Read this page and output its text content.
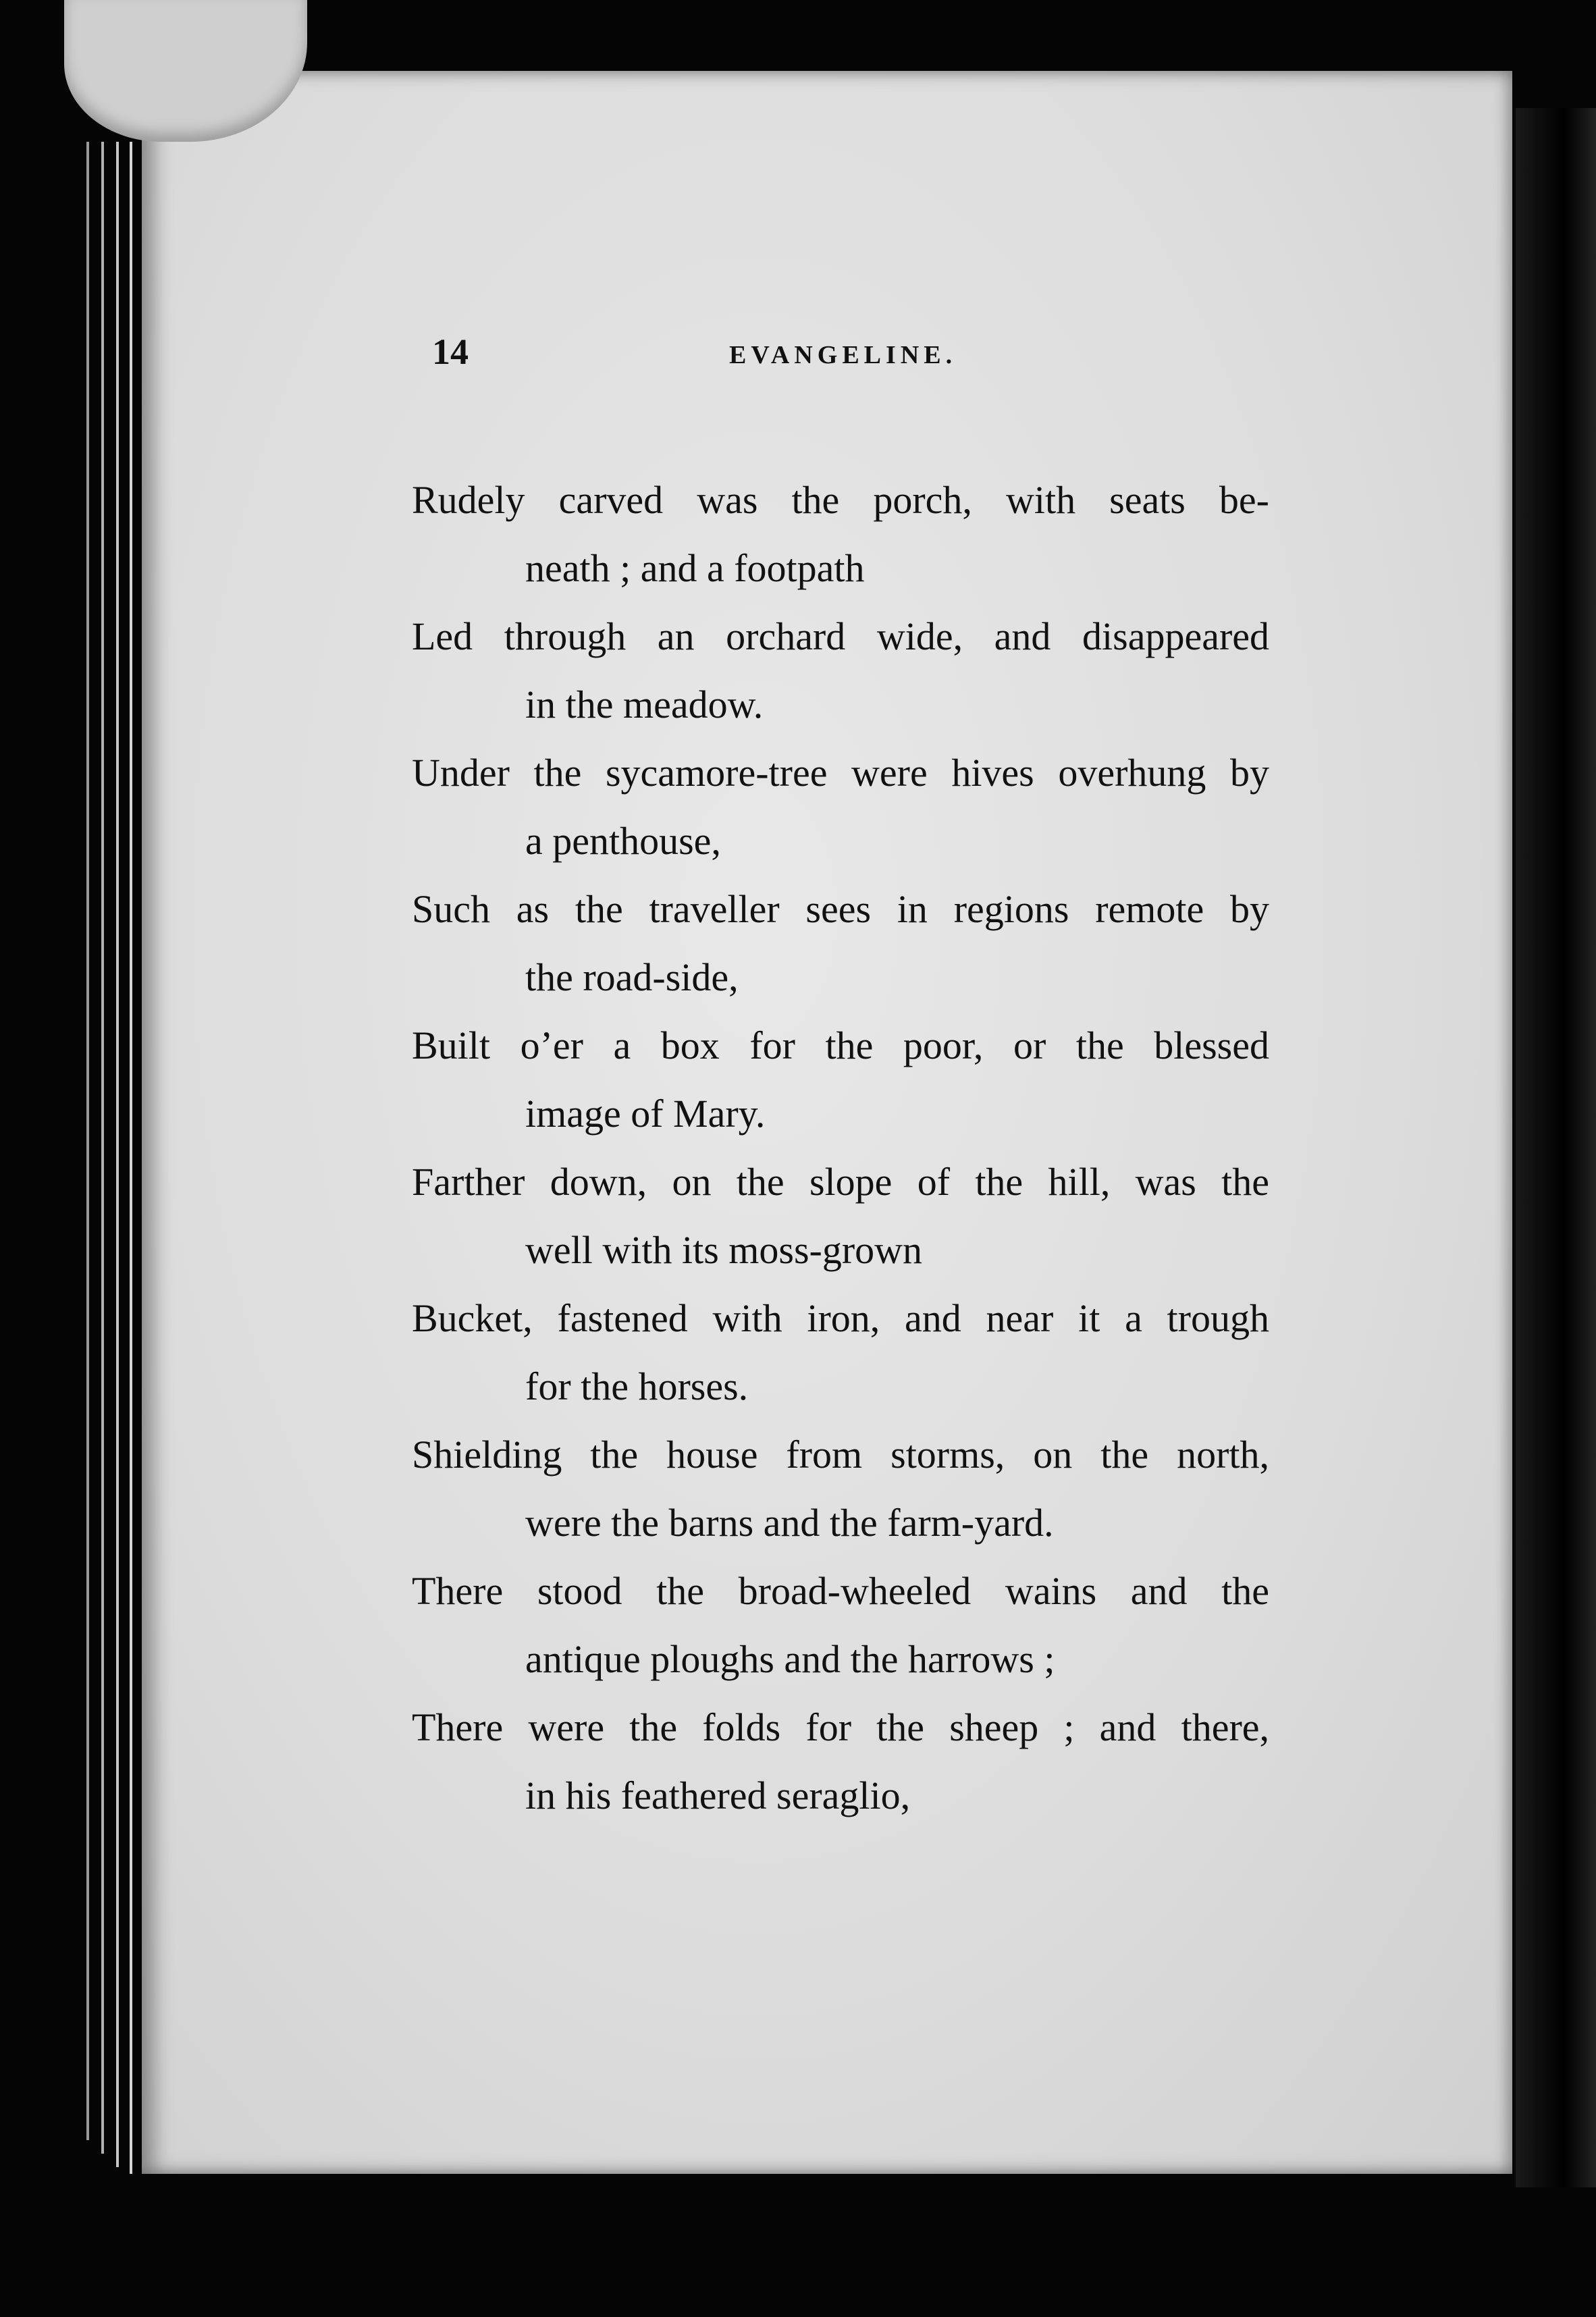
14	EVANGELINE.
Rudely carved was the porch, with seats be-
neath ; and a footpath
Led through an orchard wide, and disappeared
in the meadow.
Under the sycamore-tree were hives overhung by
a penthouse,
Such as the traveller sees in regions remote by
the road-side,
Built o’er a box for the poor, or the blessed
image of Mary.
Farther down, on the slope of the hill, was the
well with its moss-grown
Bucket, fastened with iron, and near it a trough
for the horses.
Shielding the house from storms, on the north,
were the barns and the farm-yard.
There stood the broad-wheeled wains and the
antique ploughs and the harrows ;
There were the folds for the sheep ; and there,
in his feathered seraglio,
